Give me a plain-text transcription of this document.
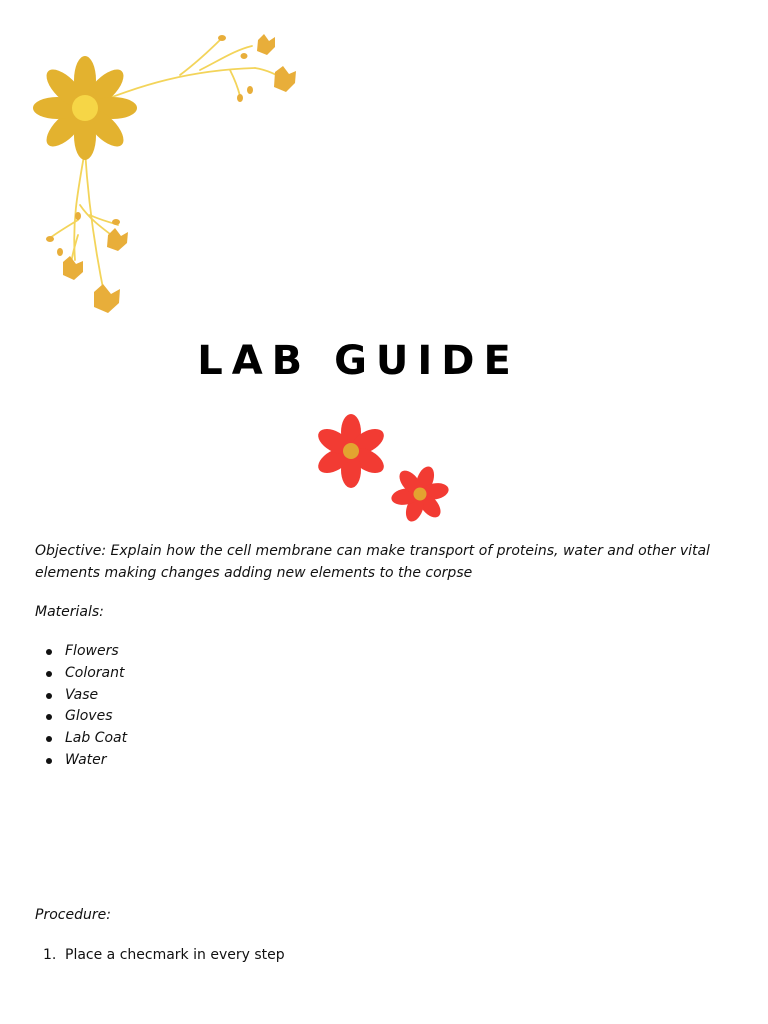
LAB GUIDE

Objective: Explain how the cell membrane can make transport of proteins, water and other vital elements making changes adding new elements to the corpse

Materials:

Flowers
Colorant
Vase
Gloves
Lab Coat
Water

Procedure:

1. Place a checmark in every step
